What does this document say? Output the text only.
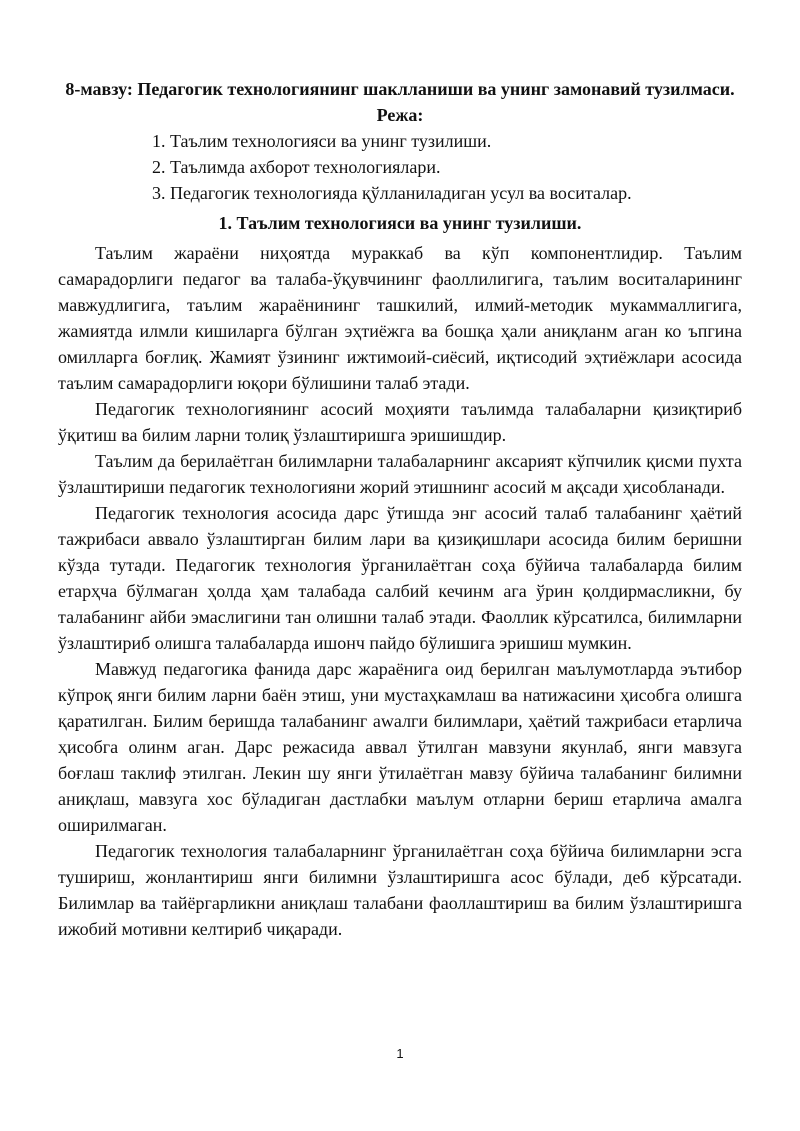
8-мавзу: Педагогик технологиянинг шаклланиши ва унинг замонавий тузилмаси.
Режа:
1. Таълим технологияси ва унинг тузилиши.
2. Таълимда ахборот технологиялари.
3. Педагогик технологияда қўлланиладиган усул ва воситалар.
1. Таълим технологияси ва унинг тузилиши.

Таълим жараёни ниҳоятда мураккаб ва кўп компонентлидир. Таълим самарадорлиги педагог ва талаба-ўқувчининг фаоллилигига, таълим воситаларининг мавжудлигига, таълим жараёнининг ташкилий, илмий-методик мукаммаллигига, жамиятда илмли кишиларга бўлган эҳтиёжга ва бошқа ҳали аниқланм аган ко ъпгина омилларга боғлиқ. Жамият ўзининг ижтимоий-сиёсий, иқтисодий эҳтиёжлари асосида таълим самарадорлиги юқори бўлишини талаб этади.

Педагогик технологиянинг асосий моҳияти таълимда талабаларни қизиқтириб ўқитиш ва билим ларни толиқ ўзлаштиришга эришишдир.

Таълим да берилаётган билимларни талабаларнинг аксарият кўпчилик қисми пухта ўзлаштириши педагогик технологияни жорий этишнинг асосий м ақсади ҳисобланади.

Педагогик технология асосида дарс ўтишда энг асосий талаб талабанинг ҳаётий тажрибаси аввало ўзлаштирган билим лари ва қизиқишлари асосида билим беришни кўзда тутади. Педагогик технология ўрганилаётган соҳа бўйича талабаларда билим етарҳча бўлмаган ҳолда ҳам талабада салбий кечинм ага ўрин қолдирмасликни, бу талабанинг айби эмаслигини тан олишни талаб этади. Фаоллик кўрсатилса, билимларни ўзлаштириб олишга талабаларда ишонч пайдо бўлишига эришиш мумкин.

Мавжуд педагогика фанида дарс жараёнига оид берилган маълумотларда эътибор кўпроқ янги билим ларни баён этиш, уни мустаҳкамлаш ва натижасини ҳисобга олишга қаратилган. Билим беришда талабанинг аwалги билимлари, ҳаётий тажрибаси етарлича ҳисобга олинм аган. Дарс режасида аввал ўтилган мавзуни якунлаб, янги мавзуга боғлаш таклиф этилган. Лекин шу янги ўтилаётган мавзу бўйича талабанинг билимни аниқлаш, мавзуга хос бўладиган дастлабки маълум отларни бериш етарлича амалга оширилмаган.

Педагогик технология талабаларнинг ўрганилаётган соҳа бўйича билимларни эсга тушириш, жонлантириш янги билимни ўзлаштиришга асос бўлади, деб кўрсатади. Билимлар ва тайёргарликни аниқлаш талабани фаоллаштириш ва билим ўзлаштиришга ижобий мотивни келтириб чиқаради.

1
